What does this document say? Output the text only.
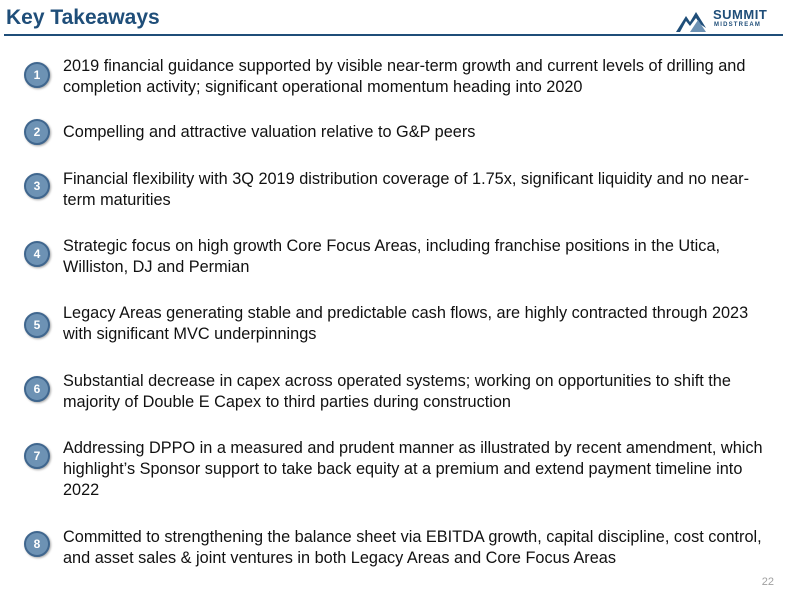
Key Takeaways	SUMMIT
MIDSTREAM
1	2019 financial guidance supported by visible near-term growth and current levels of drilling and completion activity; significant operational momentum heading into 2020
2	Compelling and attractive valuation relative to G&P peers
3	Financial flexibility with 3Q 2019 distribution coverage of 1.75x, significant liquidity and no near-term maturities
4	Strategic focus on high growth Core Focus Areas, including franchise positions in the Utica, Williston, DJ and Permian
5
Legacy Areas generating stable and predictable cash flows, are highly contracted through 2023 with significant MVC underpinnings
6	Substantial decrease in capex across operated systems; working on opportunities to shift the majority of Double E Capex to third parties during construction
7	Addressing DPPO in a measured and prudent manner as illustrated by recent amendment, which highlight’s Sponsor support to take back equity at a premium and extend payment timeline into 2022
8	Committed to strengthening the balance sheet via EBITDA growth, capital discipline, cost control, and asset sales & joint ventures in both Legacy Areas and Core Focus Areas
22
